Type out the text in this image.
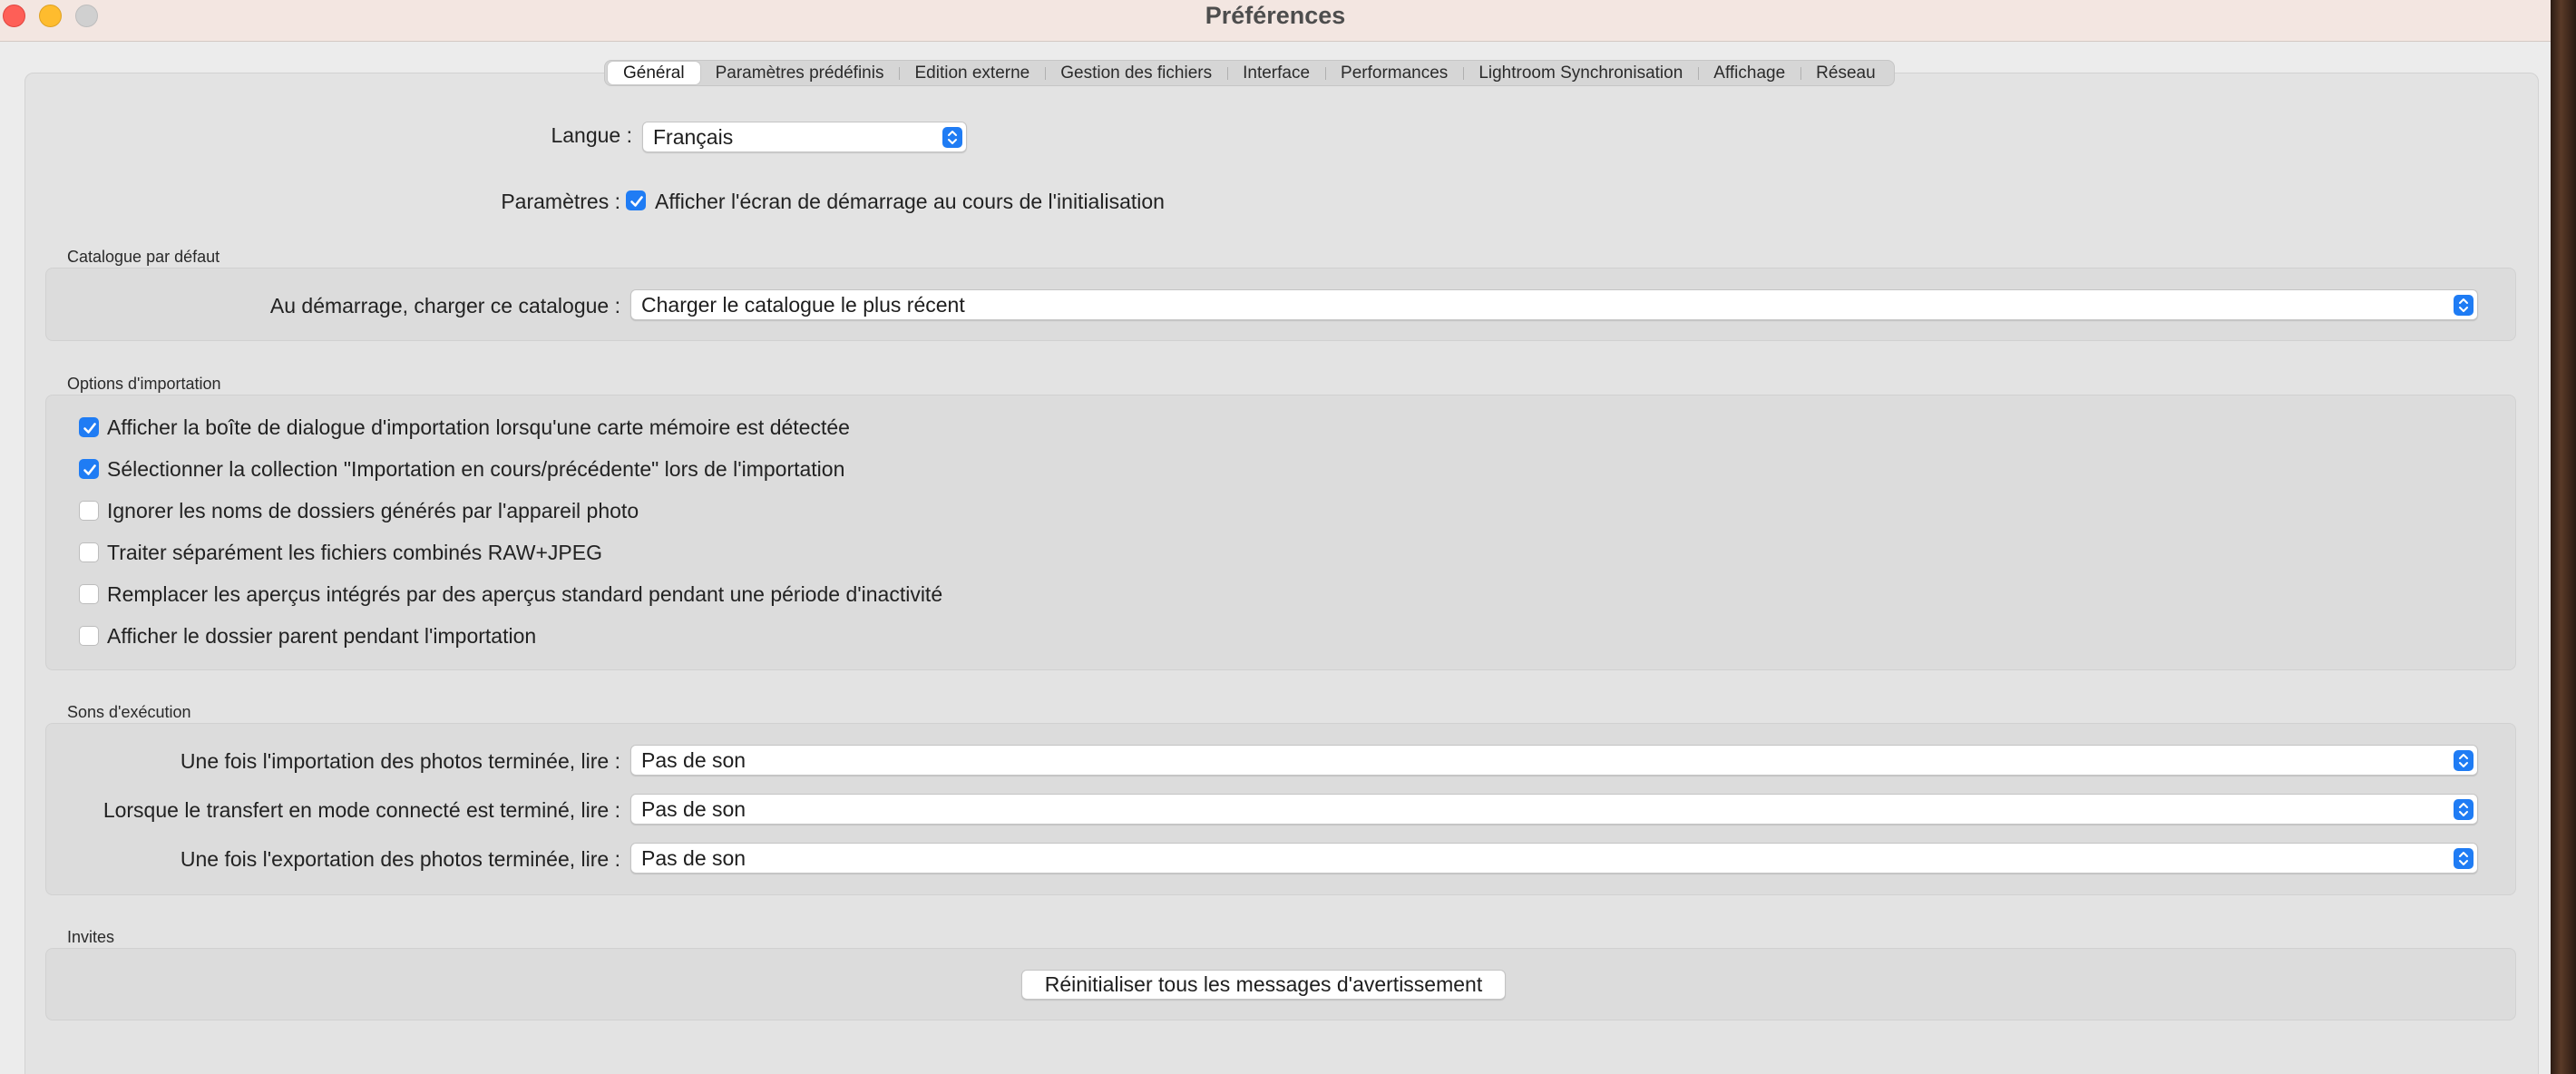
Préférences
Général	Paramètres prédéfinis	Edition externe	Gestion des fichiers	Interface	Performances	Lightroom Synchronisation	Affichage	Réseau
Langue :	Français
Paramètres : Afficher l'écran de démarrage au cours de l'initialisation
Catalogue par défaut
Au démarrage, charger ce catalogue :	Charger le catalogue le plus récent
Options d'importation
Afficher la boîte de dialogue d'importation lorsqu'une carte mémoire est détectée
Sélectionner la collection "Importation en cours/précédente" lors de l'importation
Ignorer les noms de dossiers générés par l'appareil photo
Traiter séparément les fichiers combinés RAW+JPEG
Remplacer les aperçus intégrés par des aperçus standard pendant une période d'inactivité
Afficher le dossier parent pendant l'importation
Sons d'exécution
Une fois l'importation des photos terminée, lire :	Pas de son
Lorsque le transfert en mode connecté est terminé, lire :	Pas de son
Une fois l'exportation des photos terminée, lire :	Pas de son
Invites
Réinitialiser tous les messages d'avertissement
